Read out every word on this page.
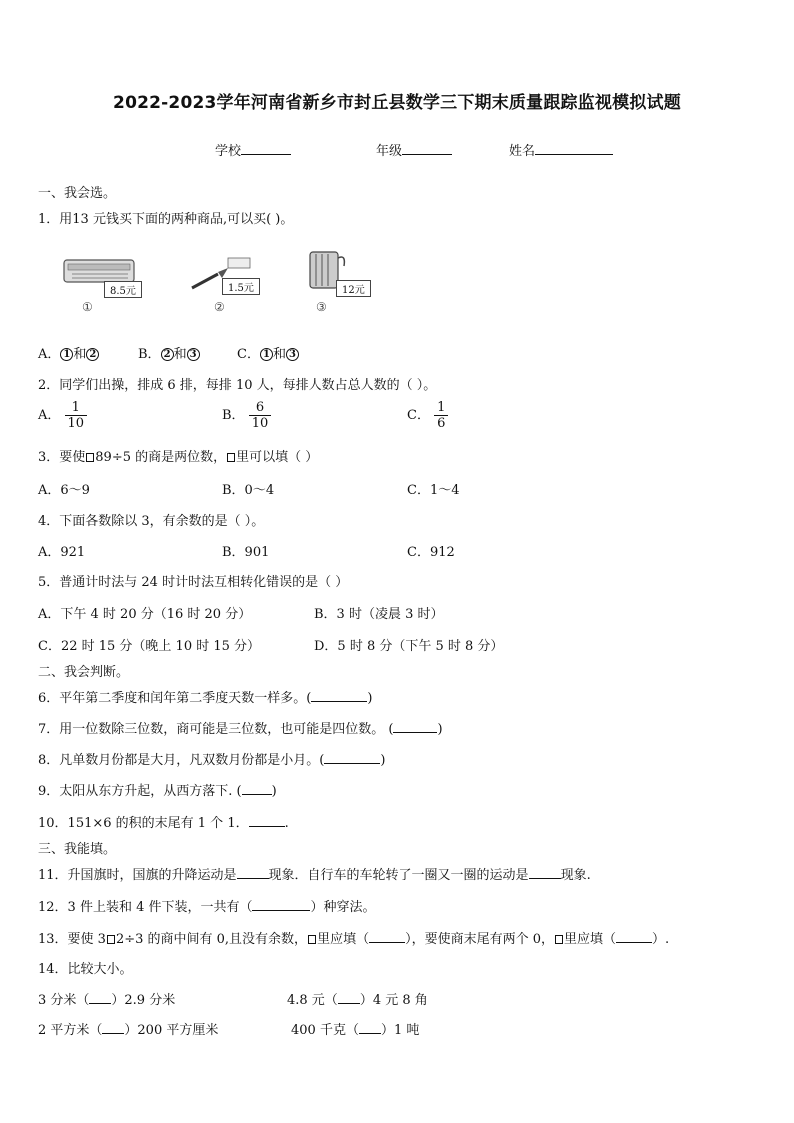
2022-2023学年河南省新乡市封丘县数学三下期末质量跟踪监视模拟试题
学校	年级	姓名
一、我会选。
1．用13 元钱买下面的两种商品,可以买( )。
8.5元
①
1.5元
②
12元
③
A． 1 和 2	B． 2 和 3	C． 1 和 3
2．同学们出操，排成 6 排，每排 10 人，每排人数占总人数的（ ）。
A． $\frac{1}{10}$	B． $\frac{6}{10}$	C． $\frac{1}{6}$
3．要使 89÷5 的商是两位数， 里可以填（ ）
A．6～9	B．0～4	C．1～4
4．下面各数除以 3，有余数的是（ ）。
A．921	B．901	C．912
5．普通计时法与 24 时计时法互相转化错误的是（ ）
A．下午 4 时 20 分（16 时 20 分）	B．3 时（凌晨 3 时）
C．22 时 15 分（晚上 10 时 15 分）	D．5 时 8 分（下午 5 时 8 分）
二、我会判断。
6．平年第二季度和闰年第二季度天数一样多。(	)
7．用一位数除三位数，商可能是三位数，也可能是四位数。 (	)
8．凡单数月份都是大月，凡双数月份都是小月。(	)
9．太阳从东方升起，从西方落下. ( )
10．151×6 的积的末尾有 1 个 1．	.
三、我能填。
11．升国旗时，国旗的升降运动是 现象．自行车的车轮转了一圈又一圈的运动是 现象.
12．3 件上装和 4 件下装，一共有（	）种穿法。
13．要使 3 2÷3 的商中间有 0,且没有余数， 里应填（	），要使商末尾有两个 0， 里应填（	）.
14．比较大小。
3 分米（ ）2.9 分米	4.8 元（ ）4 元 8 角
2 平方米（ ）200 平方厘米	400 千克（ ）1 吨
